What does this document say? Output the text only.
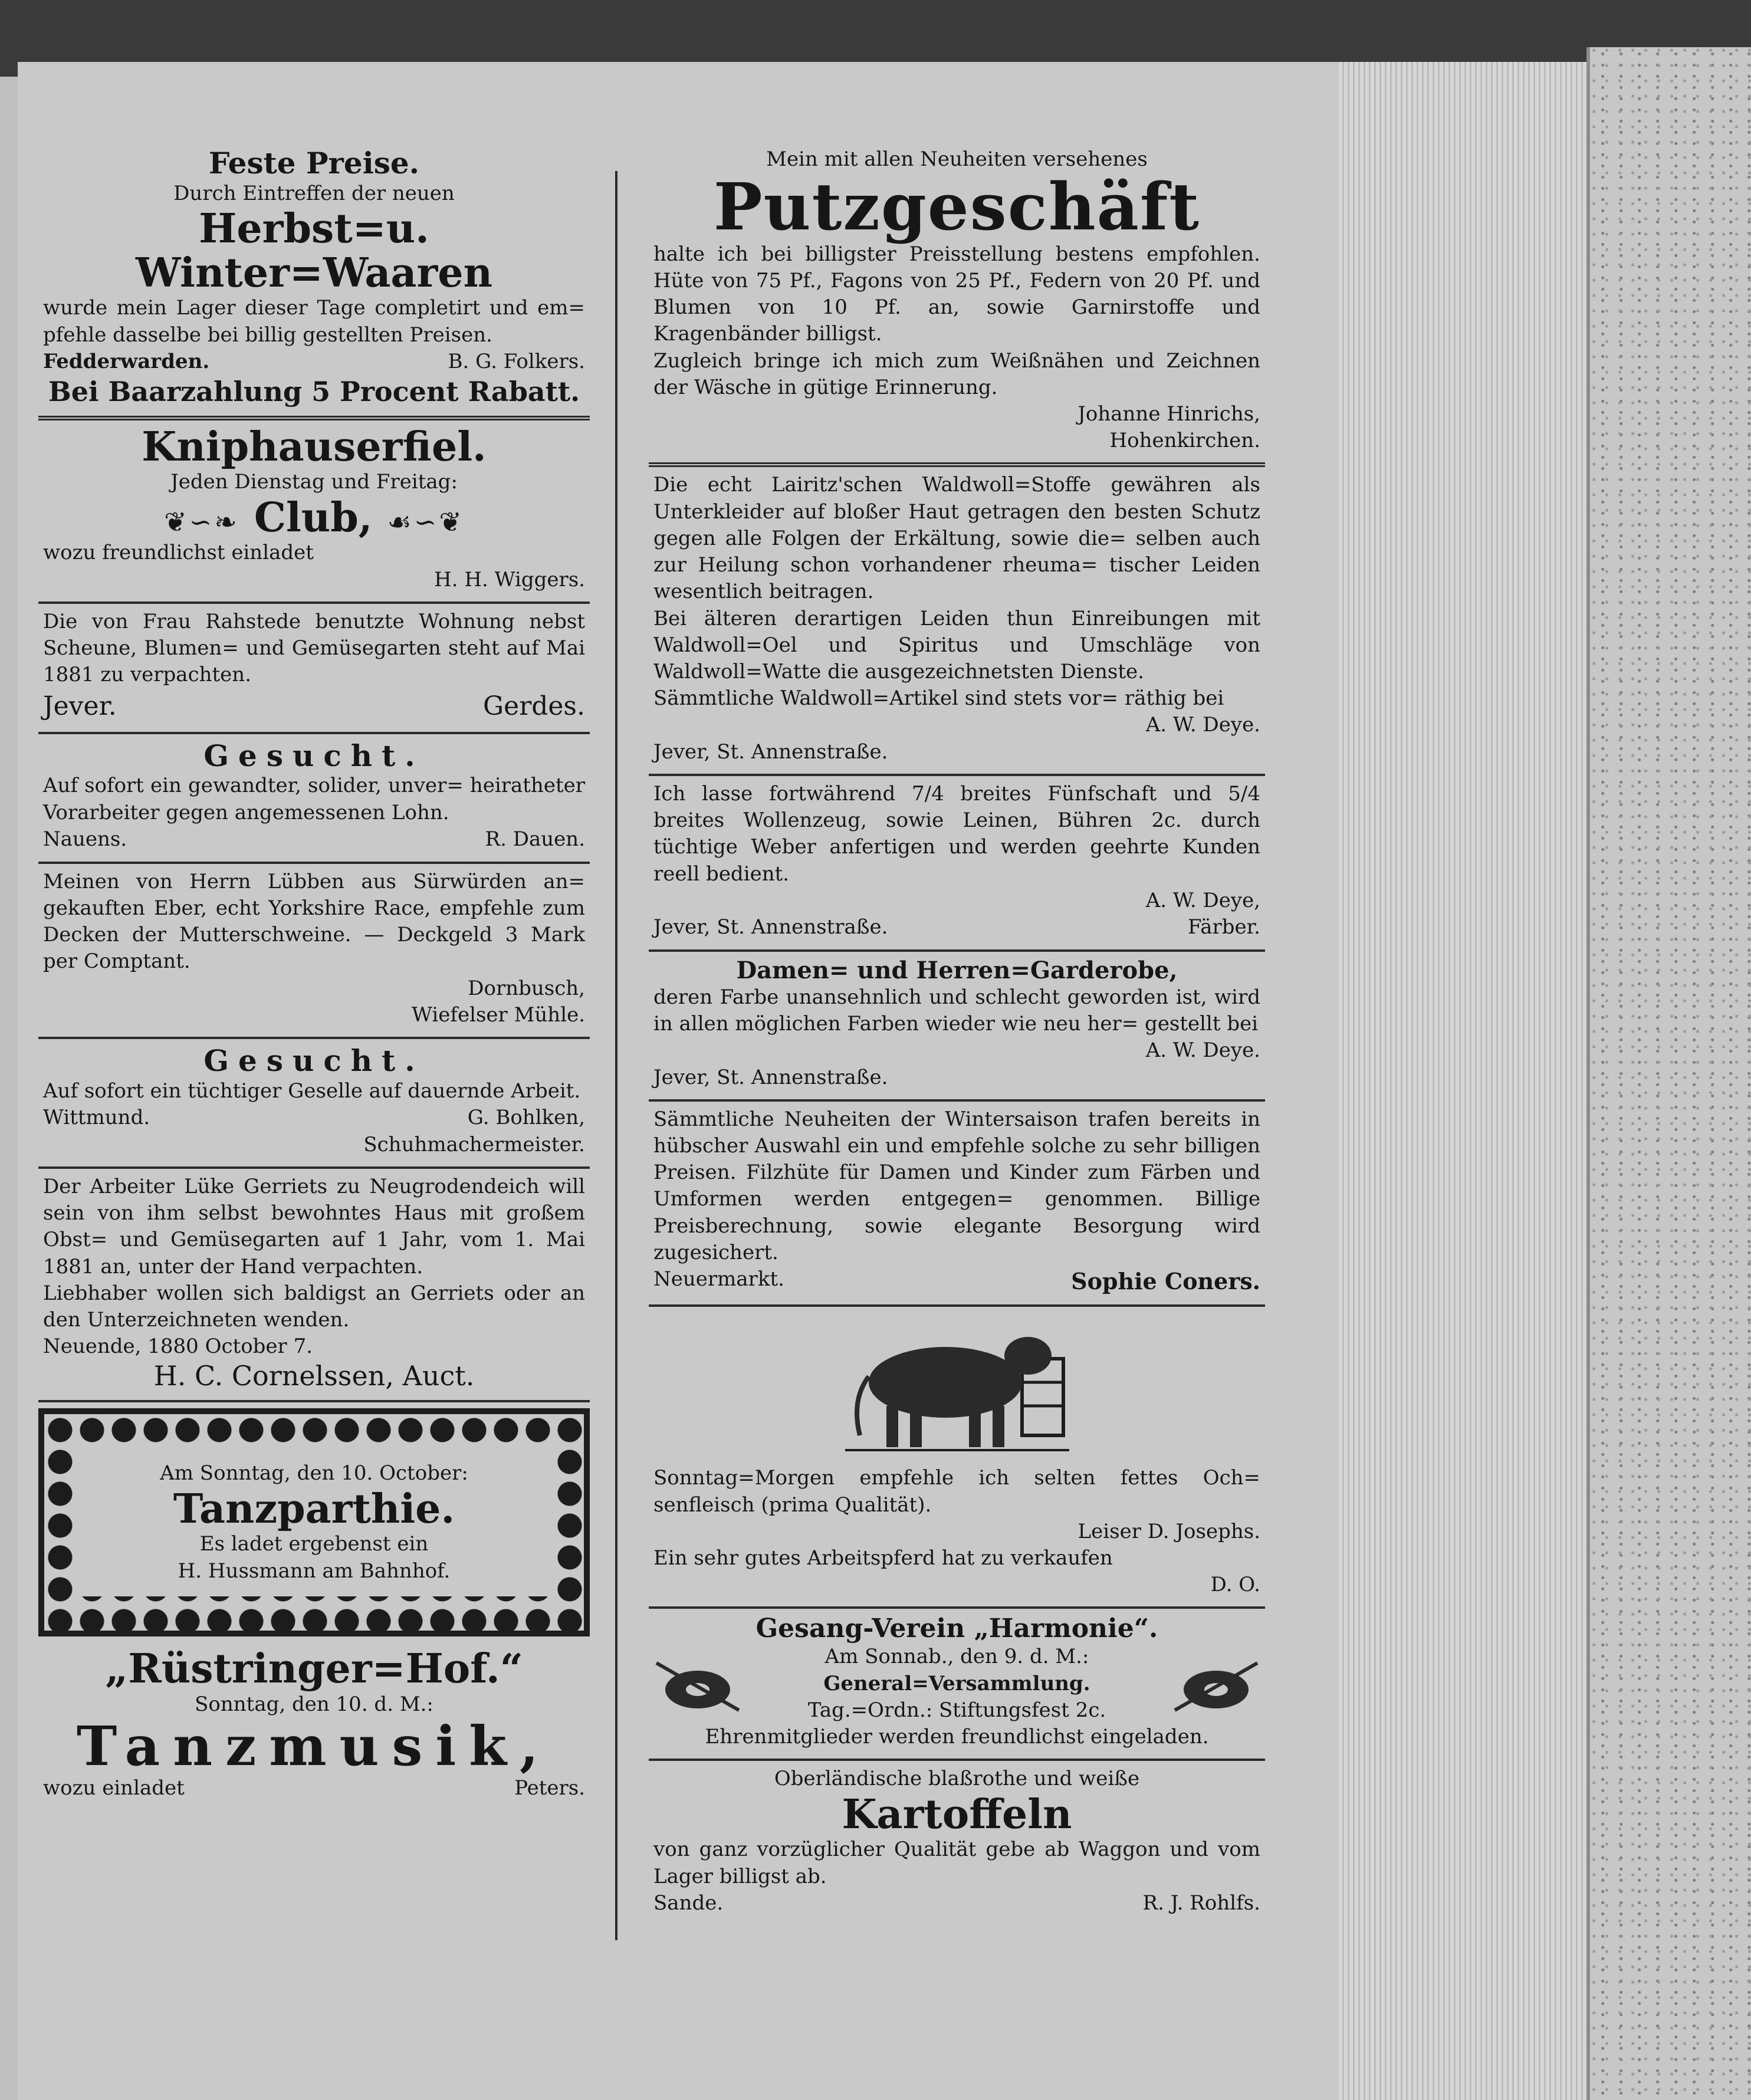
Feste Preise.
Durch Eintreffen der neuen
Herbst=u. Winter=Waaren
wurde mein Lager dieser Tage completirt und em= pfehle dasselbe bei billig gestellten Preisen.
Fedderwarden.	B. G. Folkers.
Bei Baarzahlung 5 Procent Rabatt.
Kniphauserfiel.
Jeden Dienstag und Freitag:
❦∽❧ Club, ☙∽❦
wozu freundlichst einladet
H. H. Wiggers.
Die von Frau Rahstede benutzte Wohnung nebst Scheune, Blumen= und Gemüsegarten steht auf Mai 1881 zu verpachten.
Jever.	Gerdes.
Gesucht.
Auf sofort ein gewandter, solider, unver= heiratheter Vorarbeiter gegen angemessenen Lohn.
Nauens.	R. Dauen.
Meinen von Herrn Lübben aus Sürwürden an= gekauften Eber, echt Yorkshire Race, empfehle zum Decken der Mutterschweine. — Deckgeld 3 Mark per Comptant.
Dornbusch,
Wiefelser Mühle.
Gesucht.
Auf sofort ein tüchtiger Geselle auf dauernde Arbeit.
Wittmund.	G. Bohlken,
Schuhmachermeister.
Der Arbeiter Lüke Gerriets zu Neugrodendeich will sein von ihm selbst bewohntes Haus mit großem Obst= und Gemüsegarten auf 1 Jahr, vom 1. Mai 1881 an, unter der Hand verpachten.
Liebhaber wollen sich baldigst an Gerriets oder an den Unterzeichneten wenden.
Neuende, 1880 October 7.
H. C. Cornelssen, Auct.
Am Sonntag, den 10. October:
Tanzparthie.
Es ladet ergebenst ein
H. Hussmann am Bahnhof.
„Rüstringer=Hof.“
Sonntag, den 10. d. M.:
Tanzmusik,
wozu einladet	Peters.
Mein mit allen Neuheiten versehenes
Putzgeschäft
halte ich bei billigster Preisstellung bestens empfohlen. Hüte von 75 Pf., Fagons von 25 Pf., Federn von 20 Pf. und Blumen von 10 Pf. an, sowie Garnirstoffe und Kragenbänder billigst.
Zugleich bringe ich mich zum Weißnähen und Zeichnen der Wäsche in gütige Erinnerung.
Johanne Hinrichs,
Hohenkirchen.
Die echt Lairitz'schen Waldwoll=Stoffe gewähren als Unterkleider auf bloßer Haut getragen den besten Schutz gegen alle Folgen der Erkältung, sowie die= selben auch zur Heilung schon vorhandener rheuma= tischer Leiden wesentlich beitragen.
Bei älteren derartigen Leiden thun Einreibungen mit Waldwoll=Oel und Spiritus und Umschläge von Waldwoll=Watte die ausgezeichnetsten Dienste.
Sämmtliche Waldwoll=Artikel sind stets vor= räthig bei
A. W. Deye.
Jever, St. Annenstraße.
Ich lasse fortwährend 7/4 breites Fünfschaft und 5/4 breites Wollenzeug, sowie Leinen, Bühren 2c. durch tüchtige Weber anfertigen und werden geehrte Kunden reell bedient.
A. W. Deye,
Jever, St. Annenstraße.	Färber.
Damen= und Herren=Garderobe,
deren Farbe unansehnlich und schlecht geworden ist, wird in allen möglichen Farben wieder wie neu her= gestellt bei
A. W. Deye.
Jever, St. Annenstraße.
Sämmtliche Neuheiten der Wintersaison trafen bereits in hübscher Auswahl ein und empfehle solche zu sehr billigen Preisen. Filzhüte für Damen und Kinder zum Färben und Umformen werden entgegen= genommen. Billige Preisberechnung, sowie elegante Besorgung wird zugesichert.
Neuermarkt.	Sophie Coners.
Sonntag=Morgen empfehle ich selten fettes Och= senfleisch (prima Qualität).
Leiser D. Josephs.
Ein sehr gutes Arbeitspferd hat zu verkaufen
D. O.
Gesang-Verein „Harmonie“.
Am Sonnab., den 9. d. M.:
General=Versammlung.
Tag.=Ordn.: Stiftungsfest 2c.
Ehrenmitglieder werden freundlichst eingeladen.
Oberländische blaßrothe und weiße
Kartoffeln
von ganz vorzüglicher Qualität gebe ab Waggon und vom Lager billigst ab.
Sande.	R. J. Rohlfs.
